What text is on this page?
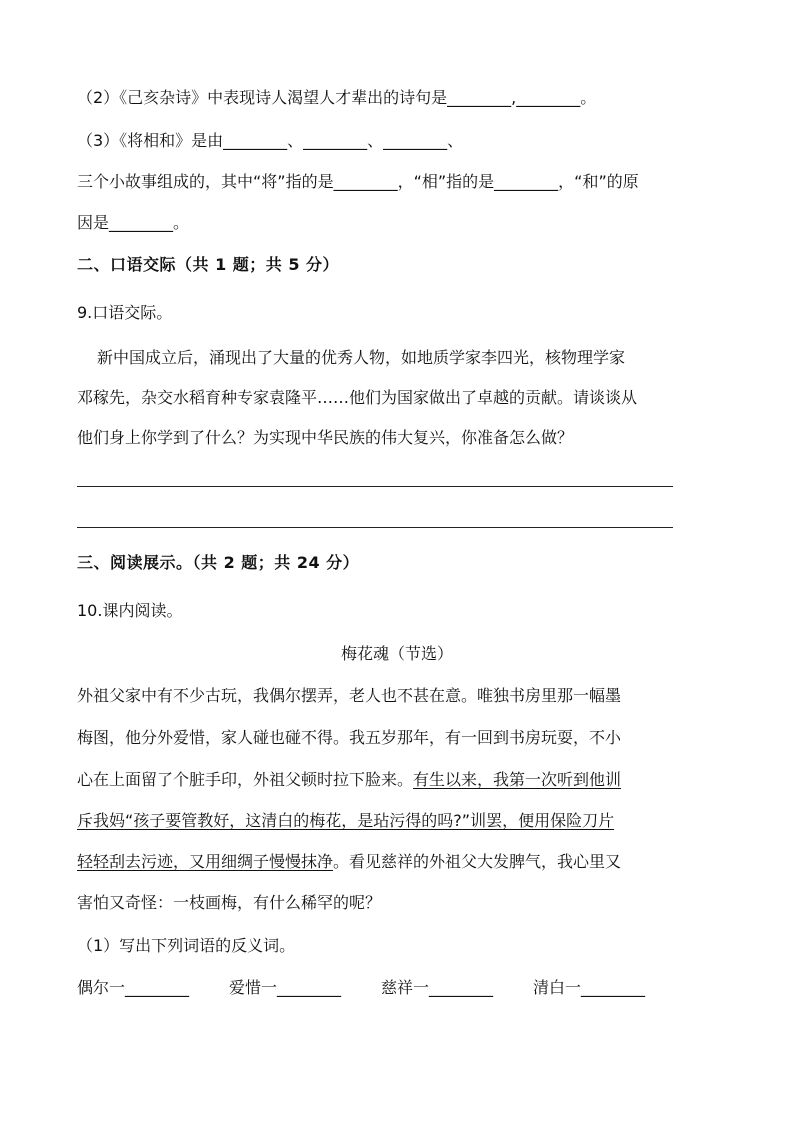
（2）《己亥杂诗》中表现诗人渴望人才辈出的诗句是________,________。
（3）《将相和》是由________、________、________、
三个小故事组成的，其中“将”指的是________，“相”指的是________，“和”的原
因是________。
二、口语交际（共 1 题；共 5 分）
9.口语交际。
新中国成立后，涌现出了大量的优秀人物，如地质学家李四光，核物理学家
邓稼先，杂交水稻育种专家袁隆平……他们为国家做出了卓越的贡献。请谈谈从
他们身上你学到了什么？为实现中华民族的伟大复兴，你准备怎么做？
三、阅读展示。（共 2 题；共 24 分）
10.课内阅读。
梅花魂（节选）
外祖父家中有不少古玩，我偶尔摆弄，老人也不甚在意。唯独书房里那一幅墨
梅图，他分外爱惜，家人碰也碰不得。我五岁那年，有一回到书房玩耍，不小
心在上面留了个脏手印，外祖父顿时拉下脸来。有生以来，我第一次听到他训
斥我妈“孩子要管教好，这清白的梅花，是玷污得的吗?”训罢，便用保险刀片
轻轻刮去污迹，又用细绸子慢慢抹净。看见慈祥的外祖父大发脾气，我心里又
害怕又奇怪：一枝画梅，有什么稀罕的呢？
（1）写出下列词语的反义词。
偶尔一________ 爱惜一________ 慈祥一________ 清白一________
